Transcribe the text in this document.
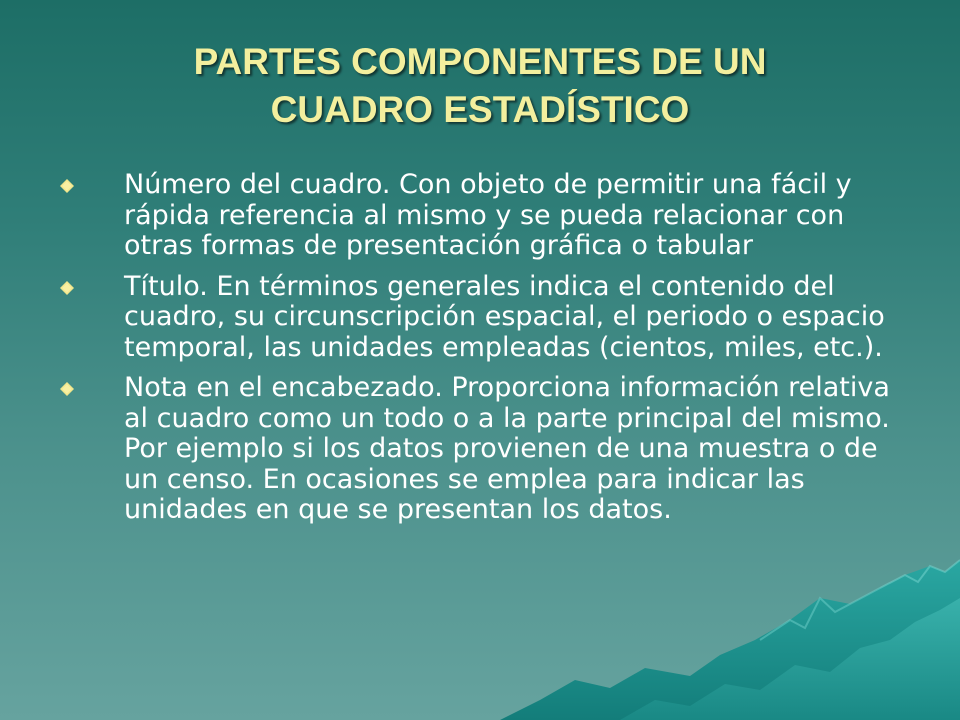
PARTES COMPONENTES DE UN
CUADRO ESTADÍSTICO
Número del cuadro. Con objeto de permitir una fácil y rápida referencia al mismo y se pueda relacionar con otras formas de presentación gráfica o tabular
Título. En términos generales indica el contenido del cuadro, su circunscripción espacial, el periodo o espacio temporal, las unidades empleadas (cientos, miles, etc.).
Nota en el encabezado. Proporciona información relativa al cuadro como un todo o a la parte principal del mismo. Por ejemplo si los datos provienen de una muestra o de un censo. En ocasiones se emplea para indicar las unidades en que se presentan los datos.
